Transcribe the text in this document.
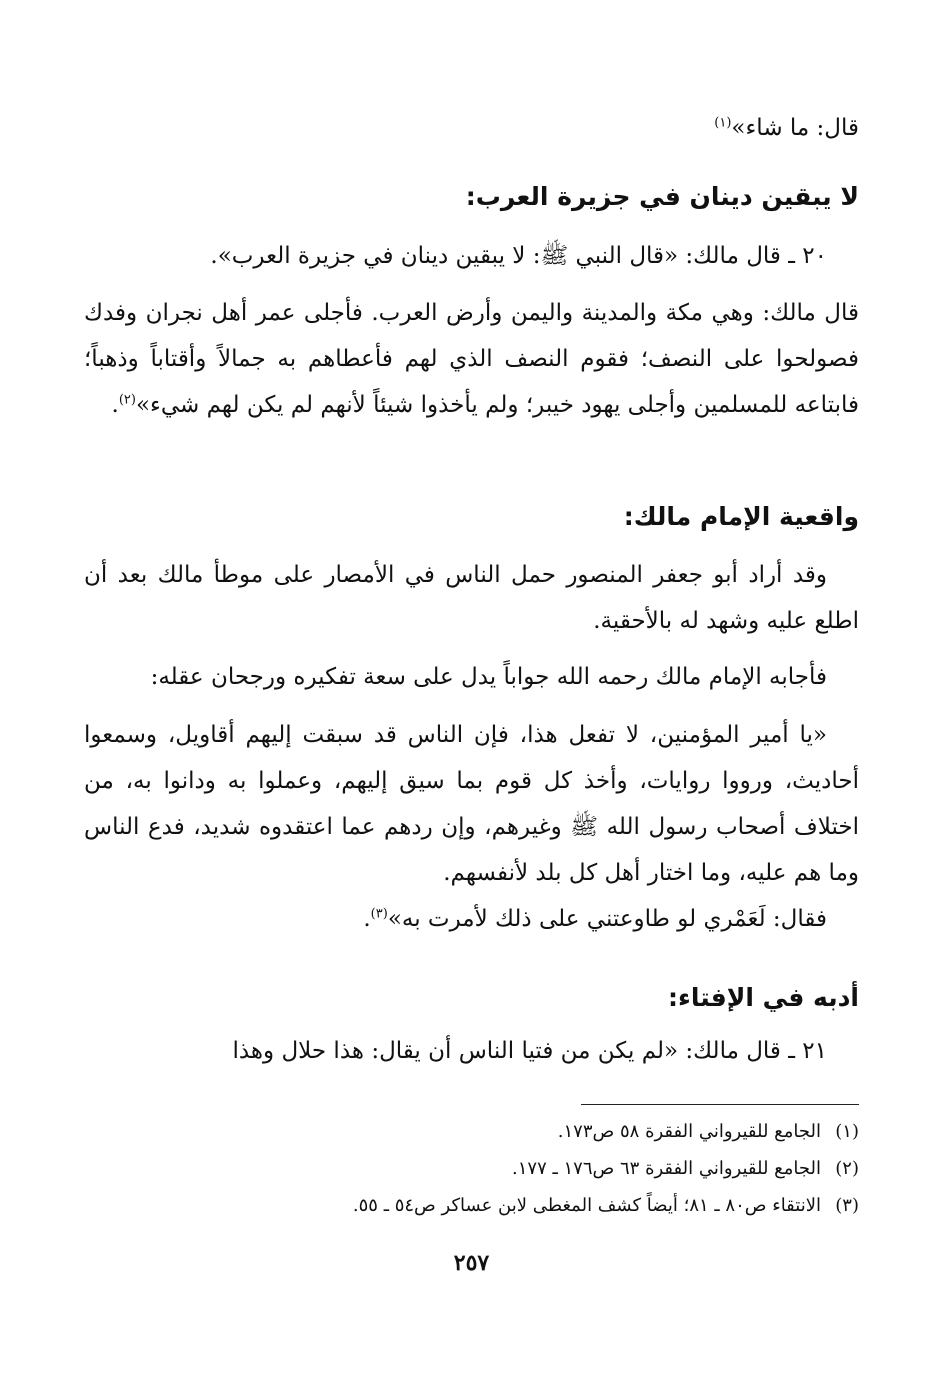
قال: ما شاء»$^{(١)}$
لا يبقين دينان في جزيرة العرب:
٢٠ ـ قال مالك: «قال النبي ﷺ: لا يبقين دينان في جزيرة العرب».
قال مالك: وهي مكة والمدينة واليمن وأرض العرب. فأجلى عمر أهل نجران وفدك فصولحوا على النصف؛ فقوم النصف الذي لهم فأعطاهم به جمالاً وأقتاباً وذهباً؛ فابتاعه للمسلمين وأجلى يهود خيبر؛ ولم يأخذوا شيئاً لأنهم لم يكن لهم شيء»$^{(٢)}$.
واقعية الإمام مالك:
وقد أراد أبو جعفر المنصور حمل الناس في الأمصار على موطأ مالك بعد أن اطلع عليه وشهد له بالأحقية.
فأجابه الإمام مالك رحمه الله جواباً يدل على سعة تفكيره ورجحان عقله:
«يا أمير المؤمنين، لا تفعل هذا، فإن الناس قد سبقت إليهم أقاويل، وسمعوا أحاديث، ورووا روايات، وأخذ كل قوم بما سيق إليهم، وعملوا به ودانوا به، من اختلاف أصحاب رسول الله ﷺ وغيرهم، وإن ردهم عما اعتقدوه شديد، فدع الناس وما هم عليه، وما اختار أهل كل بلد لأنفسهم.
فقال: لَعَمْري لو طاوعتني على ذلك لأمرت به»$^{(٣)}$.
أدبه في الإفتاء:
٢١ ـ قال مالك: «لم يكن من فتيا الناس أن يقال: هذا حلال وهذا
(١)الجامع للقيرواني الفقرة ٥٨ ص١٧٣.
(٢)الجامع للقيرواني الفقرة ٦٣ ص١٧٦ ـ ١٧٧.
(٣)الانتقاء ص٨٠ ـ ٨١؛ أيضاً كشف المغطى لابن عساكر ص٥٤ ـ ٥٥.
٢٥٧
